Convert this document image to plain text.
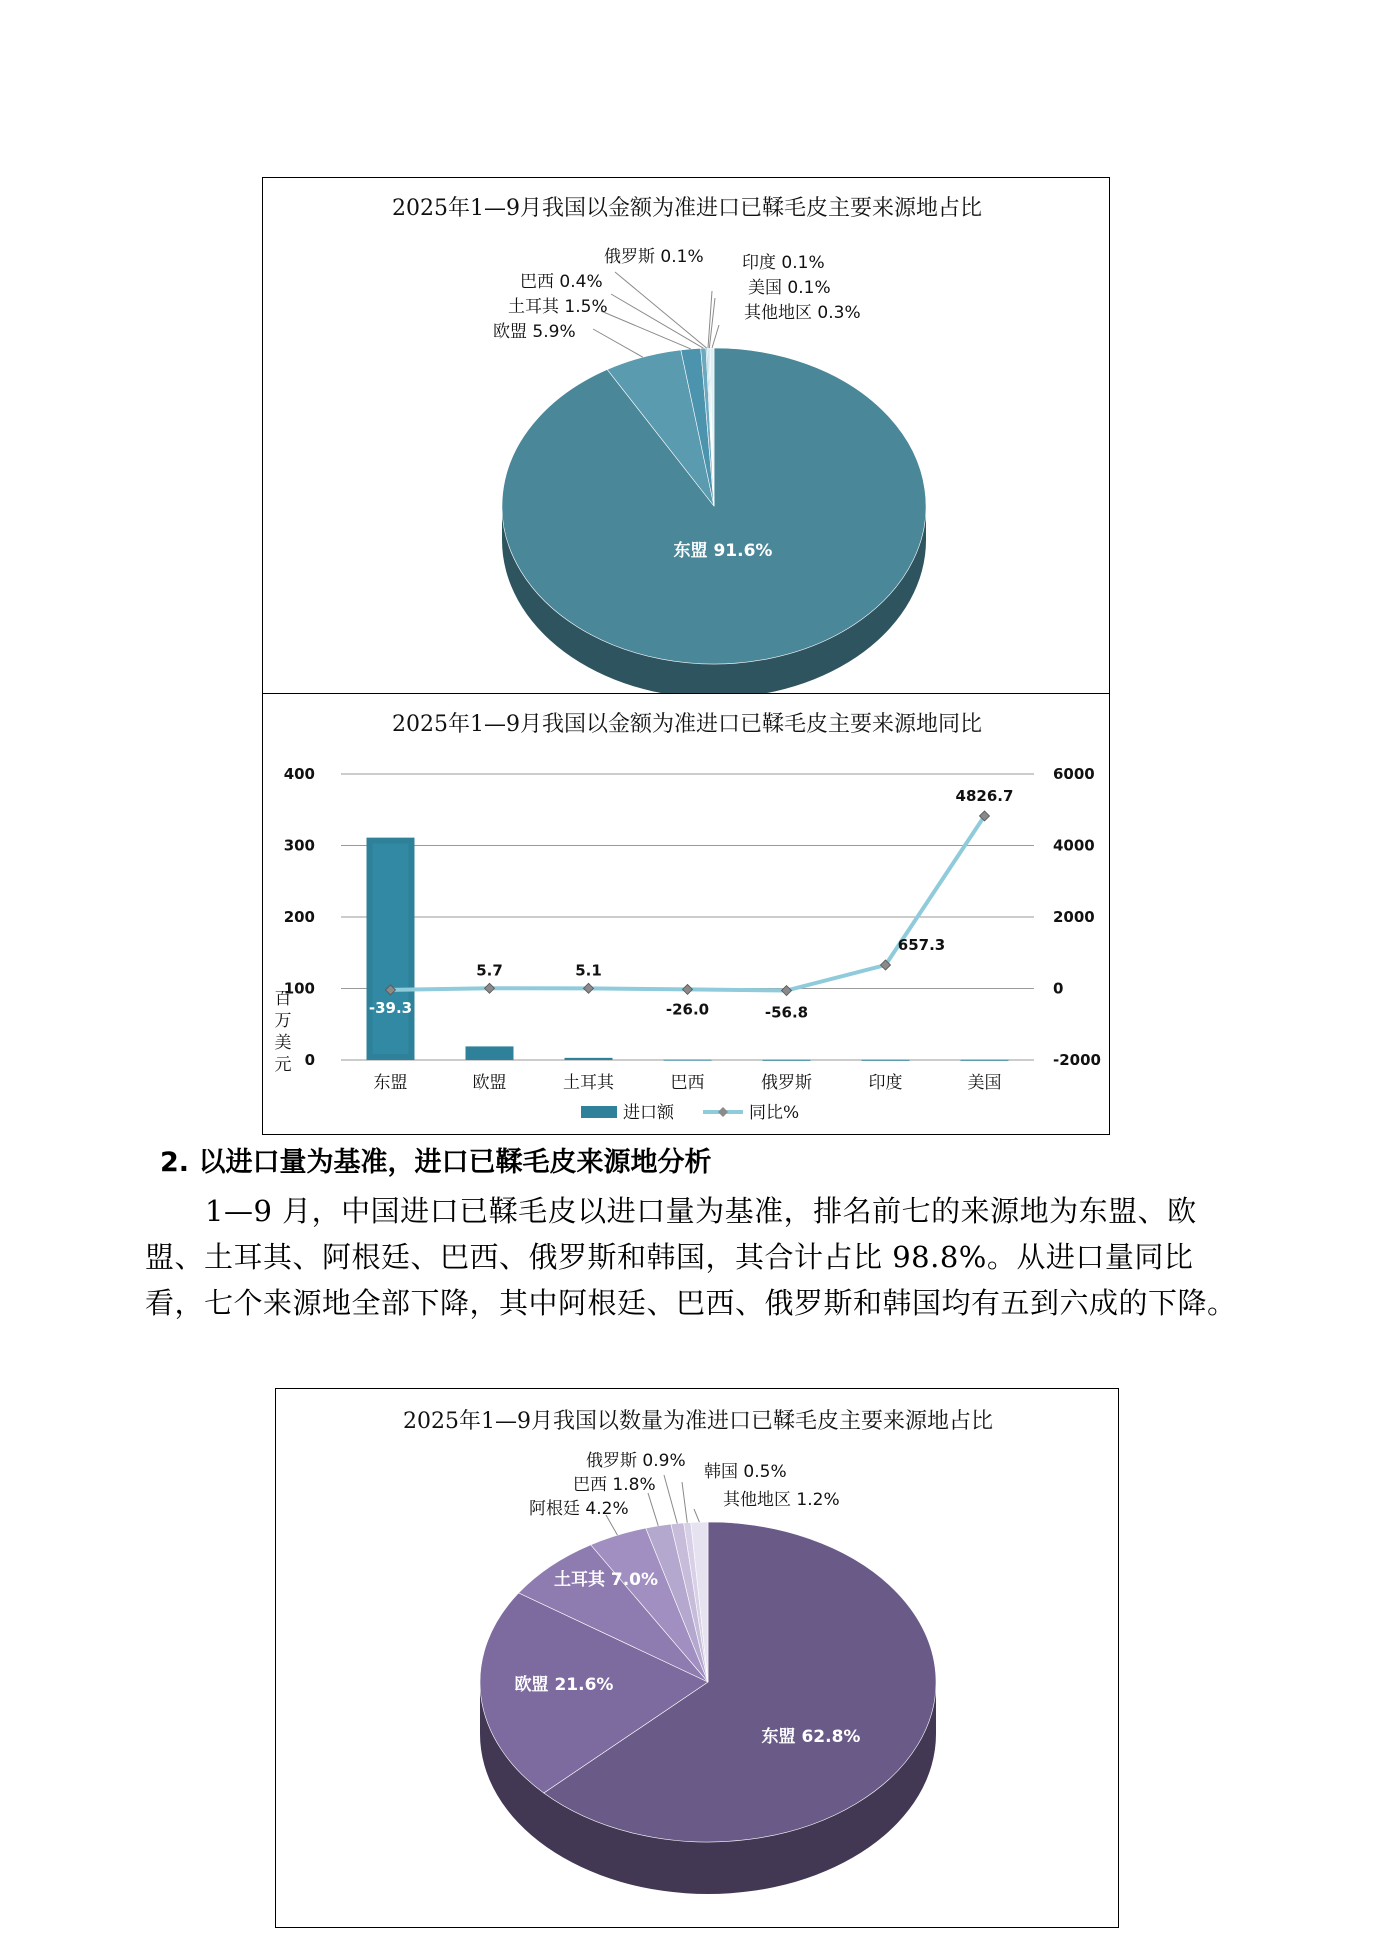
2025年1—9月我国以金额为准进口已鞣毛皮主要来源地占比
东盟 91.6%
欧盟 5.9%
土耳其 1.5%
巴西 0.4%
俄罗斯 0.1% 印度 0.1%
美国 0.1%
其他地区 0.3%
2025年1—9月我国以金额为准进口已鞣毛皮主要来源地同比
0
100
200
300
400
-2000
0
2000
4000
6000
百
万
美
元
东盟	欧盟	土耳其	巴西	俄罗斯	印度	美国
-39.3
5.7	5.1
-26.0	-56.8
657.3
4826.7
进口额	同比%
2. 以进口量为基准，进口已鞣毛皮来源地分析
1—9 月，中国进口已鞣毛皮以进口量为基准，排名前七的来源地为东盟、欧盟、土耳其、阿根廷、巴西、俄罗斯和韩国，其合计占比 98.8%。从进口量同比看，七个来源地全部下降，其中阿根廷、巴西、俄罗斯和韩国均有五到六成的下降。
2025年1—9月我国以数量为准进口已鞣毛皮主要来源地占比
东盟 62.8%
欧盟 21.6%
土耳其 7.0%
阿根廷 4.2%
巴西 1.8%
俄罗斯 0.9%
韩国 0.5%
其他地区 1.2%
